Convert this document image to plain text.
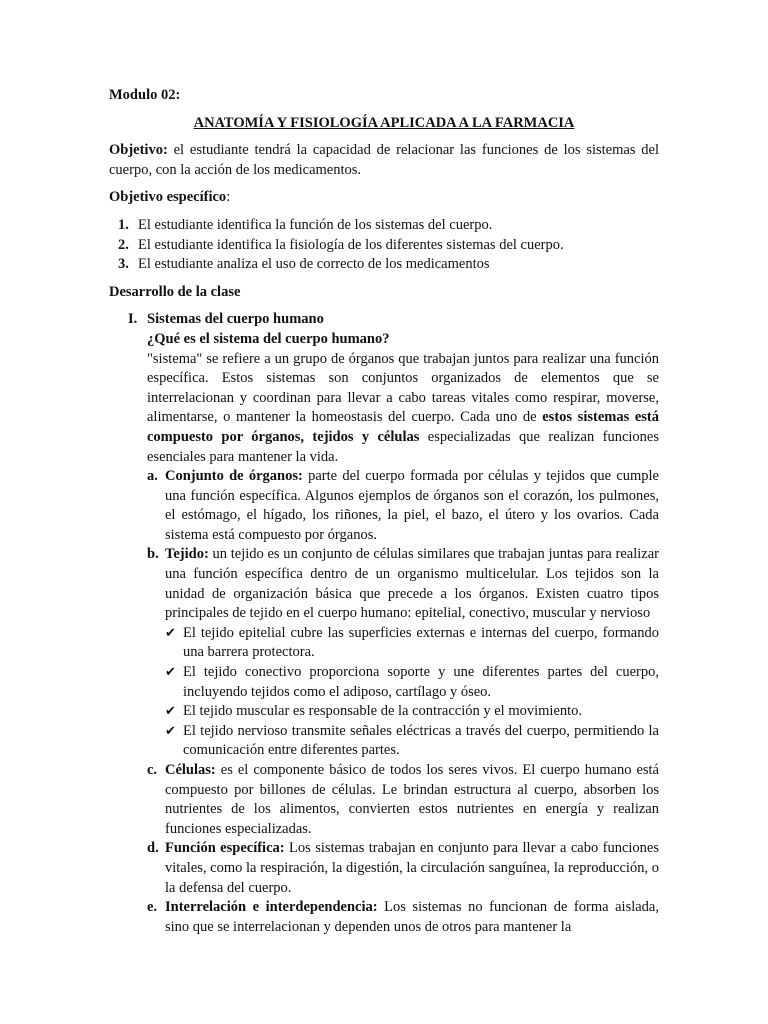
Modulo 02:

ANATOMÍA Y FISIOLOGÍA APLICADA A LA FARMACIA

Objetivo: el estudiante tendrá la capacidad de relacionar las funciones de los sistemas del cuerpo, con la acción de los medicamentos.

Objetivo específico:

1. El estudiante identifica la función de los sistemas del cuerpo.
2. El estudiante identifica la fisiología de los diferentes sistemas del cuerpo.
3. El estudiante analiza el uso de correcto de los medicamentos

Desarrollo de la clase

I. Sistemas del cuerpo humano
¿Qué es el sistema del cuerpo humano?
"sistema" se refiere a un grupo de órganos que trabajan juntos para realizar una función específica. Estos sistemas son conjuntos organizados de elementos que se interrelacionan y coordinan para llevar a cabo tareas vitales como respirar, moverse, alimentarse, o mantener la homeostasis del cuerpo. Cada uno de estos sistemas está compuesto por órganos, tejidos y células especializadas que realizan funciones esenciales para mantener la vida.
a. Conjunto de órganos: parte del cuerpo formada por células y tejidos que cumple una función específica. Algunos ejemplos de órganos son el corazón, los pulmones, el estómago, el hígado, los riñones, la piel, el bazo, el útero y los ovarios. Cada sistema está compuesto por órganos.
b. Tejido: un tejido es un conjunto de células similares que trabajan juntas para realizar una función específica dentro de un organismo multicelular. Los tejidos son la unidad de organización básica que precede a los órganos. Existen cuatro tipos principales de tejido en el cuerpo humano: epitelial, conectivo, muscular y nervioso
✔ El tejido epitelial cubre las superficies externas e internas del cuerpo, formando una barrera protectora.
✔ El tejido conectivo proporciona soporte y une diferentes partes del cuerpo, incluyendo tejidos como el adiposo, cartílago y óseo.
✔ El tejido muscular es responsable de la contracción y el movimiento.
✔ El tejido nervioso transmite señales eléctricas a través del cuerpo, permitiendo la comunicación entre diferentes partes.
c. Células: es el componente básico de todos los seres vivos. El cuerpo humano está compuesto por billones de células. Le brindan estructura al cuerpo, absorben los nutrientes de los alimentos, convierten estos nutrientes en energía y realizan funciones especializadas.
d. Función específica: Los sistemas trabajan en conjunto para llevar a cabo funciones vitales, como la respiración, la digestión, la circulación sanguínea, la reproducción, o la defensa del cuerpo.
e. Interrelación e interdependencia: Los sistemas no funcionan de forma aislada, sino que se interrelacionan y dependen unos de otros para mantener la
